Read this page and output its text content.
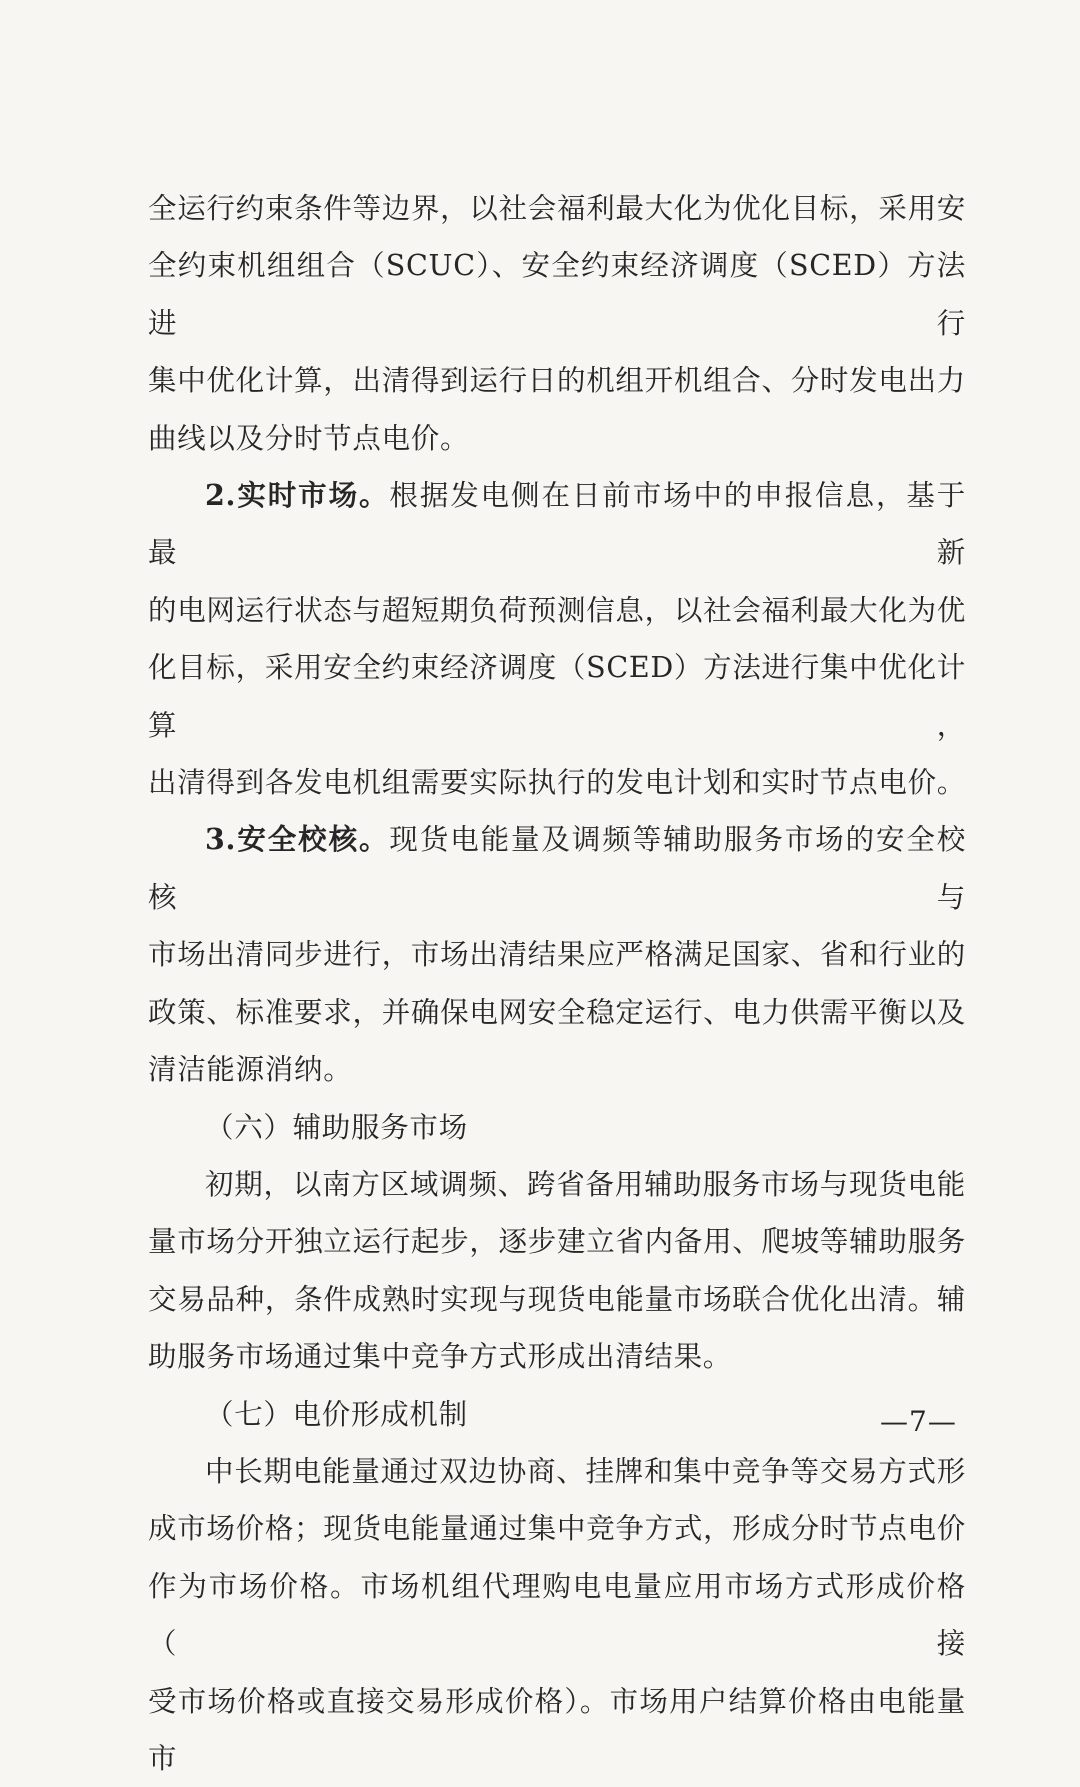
全运行约束条件等边界，以社会福利最大化为优化目标，采用安

全约束机组组合（SCUC）、安全约束经济调度（SCED）方法进行

集中优化计算，出清得到运行日的机组开机组合、分时发电出力

曲线以及分时节点电价。

2.实时市场。根据发电侧在日前市场中的申报信息，基于最新

的电网运行状态与超短期负荷预测信息，以社会福利最大化为优

化目标，采用安全约束经济调度（SCED）方法进行集中优化计算，

出清得到各发电机组需要实际执行的发电计划和实时节点电价。

3.安全校核。现货电能量及调频等辅助服务市场的安全校核与

市场出清同步进行，市场出清结果应严格满足国家、省和行业的

政策、标准要求，并确保电网安全稳定运行、电力供需平衡以及

清洁能源消纳。

（六）辅助服务市场

初期，以南方区域调频、跨省备用辅助服务市场与现货电能

量市场分开独立运行起步，逐步建立省内备用、爬坡等辅助服务

交易品种，条件成熟时实现与现货电能量市场联合优化出清。辅

助服务市场通过集中竞争方式形成出清结果。

（七）电价形成机制

中长期电能量通过双边协商、挂牌和集中竞争等交易方式形

成市场价格；现货电能量通过集中竞争方式，形成分时节点电价

作为市场价格。市场机组代理购电电量应用市场方式形成价格（接

受市场价格或直接交易形成价格）。市场用户结算价格由电能量市

—7—
